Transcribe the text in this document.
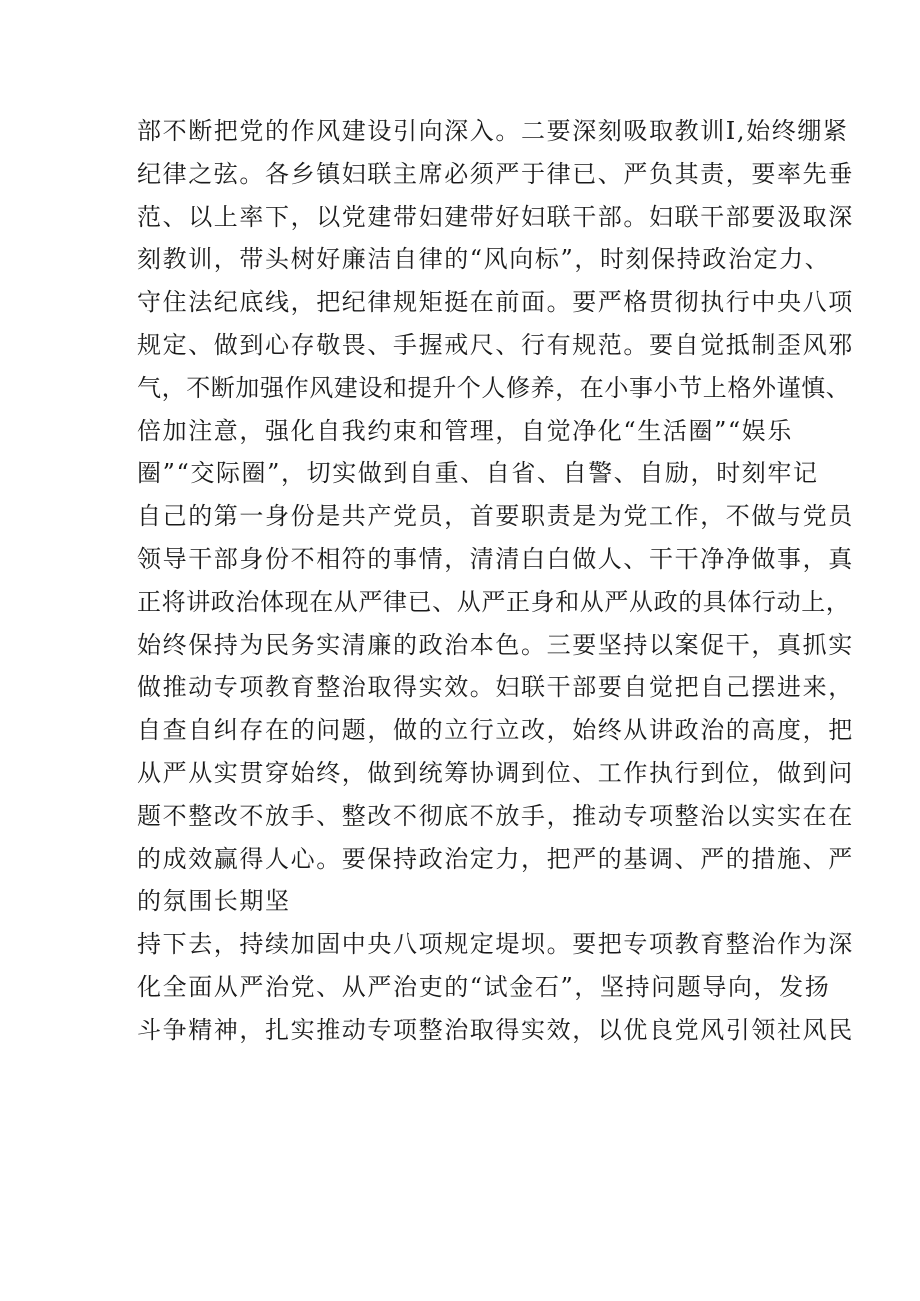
部不断把党的作风建设引向深入。二要深刻吸取教训I,始终绷紧
纪律之弦。各乡镇妇联主席必须严于律已、严负其责，要率先垂
范、以上率下，以党建带妇建带好妇联干部。妇联干部要汲取深
刻教训，带头树好廉洁自律的“风向标”，时刻保持政治定力、
守住法纪底线，把纪律规矩挺在前面。要严格贯彻执行中央八项
规定、做到心存敬畏、手握戒尺、行有规范。要自觉抵制歪风邪
气，不断加强作风建设和提升个人修养，在小事小节上格外谨慎、
倍加注意，强化自我约束和管理，自觉净化“生活圈”“娱乐
圈”“交际圈”，切实做到自重、自省、自警、自励，时刻牢记
自己的第一身份是共产党员，首要职责是为党工作，不做与党员
领导干部身份不相符的事情，清清白白做人、干干净净做事，真
正将讲政治体现在从严律已、从严正身和从严从政的具体行动上，
始终保持为民务实清廉的政治本色。三要坚持以案促干，真抓实
做推动专项教育整治取得实效。妇联干部要自觉把自己摆进来，
自查自纠存在的问题，做的立行立改，始终从讲政治的高度，把
从严从实贯穿始终，做到统筹协调到位、工作执行到位，做到问
题不整改不放手、整改不彻底不放手，推动专项整治以实实在在
的成效赢得人心。要保持政治定力，把严的基调、严的措施、严
的氛围长期坚
持下去，持续加固中央八项规定堤坝。要把专项教育整治作为深
化全面从严治党、从严治吏的“试金石”，坚持问题导向，发扬
斗争精神，扎实推动专项整治取得实效，以优良党风引领社风民
